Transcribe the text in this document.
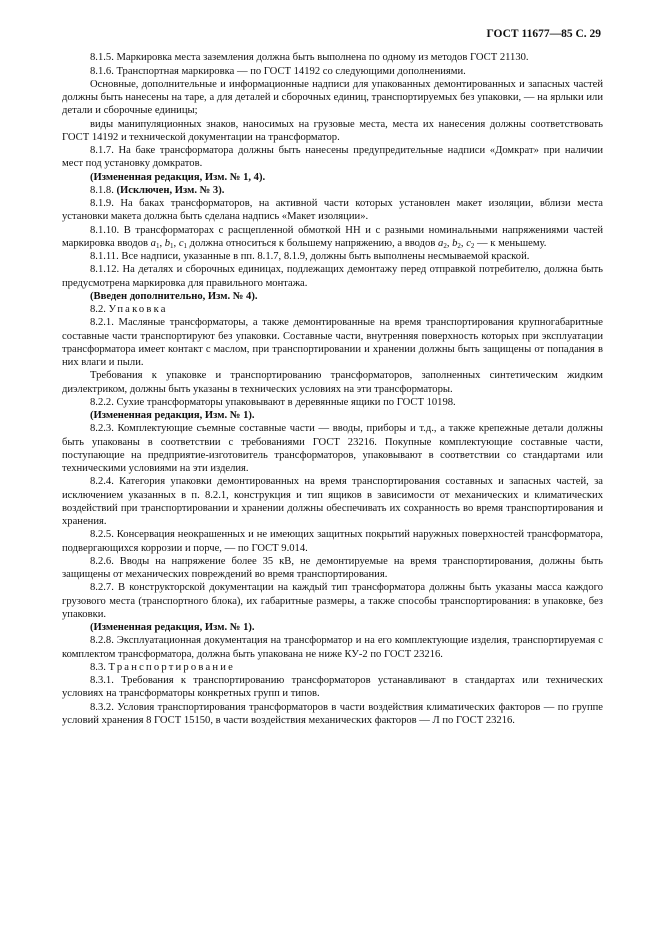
ГОСТ 11677—85 С. 29

8.1.5. Маркировка места заземления должна быть выполнена по одному из методов ГОСТ 21130.

8.1.6. Транспортная маркировка — по ГОСТ 14192 со следующими дополнениями.

Основные, дополнительные и информационные надписи для упакованных демонтированных и запасных частей должны быть нанесены на таре, а для деталей и сборочных единиц, транспортируемых без упаковки, — на ярлыки или детали и сборочные единицы;

виды манипуляционных знаков, наносимых на грузовые места, места их нанесения должны соответствовать ГОСТ 14192 и технической документации на трансформатор.

8.1.7. На баке трансформатора должны быть нанесены предупредительные надписи «Домкрат» при наличии мест под установку домкратов.

(Измененная редакция, Изм. № 1, 4).

8.1.8. (Исключен, Изм. № 3).

8.1.9. На баках трансформаторов, на активной части которых установлен макет изоляции, вблизи места установки макета должна быть сделана надпись «Макет изоляции».

8.1.10. В трансформаторах с расщепленной обмоткой НН и с разными номинальными напряжениями частей маркировка вводов $a_1$, $b_1$, $c_1$ должна относиться к большему напряжению, а вводов $a_2$, $b_2$, $c_2$ — к меньшему.

8.1.11. Все надписи, указанные в пп. 8.1.7, 8.1.9, должны быть выполнены несмываемой краской.

8.1.12. На деталях и сборочных единицах, подлежащих демонтажу перед отправкой потребителю, должна быть предусмотрена маркировка для правильного монтажа.

(Введен дополнительно, Изм. № 4).

8.2. Упаковка

8.2.1. Масляные трансформаторы, а также демонтированные на время транспортирования крупногабаритные составные части транспортируют без упаковки. Составные части, внутренняя поверхность которых при эксплуатации трансформатора имеет контакт с маслом, при транспортировании и хранении должны быть защищены от попадания в них влаги и пыли.

Требования к упаковке и транспортированию трансформаторов, заполненных синтетическим жидким диэлектриком, должны быть указаны в технических условиях на эти трансформаторы.

8.2.2. Сухие трансформаторы упаковывают в деревянные ящики по ГОСТ 10198.

(Измененная редакция, Изм. № 1).

8.2.3. Комплектующие съемные составные части — вводы, приборы и т.д., а также крепежные детали должны быть упакованы в соответствии с требованиями ГОСТ 23216. Покупные комплектующие составные части, поступающие на предприятие-изготовитель трансформаторов, упаковывают в соответствии со стандартами или техническими условиями на эти изделия.

8.2.4. Категория упаковки демонтированных на время транспортирования составных и запасных частей, за исключением указанных в п. 8.2.1, конструкция и тип ящиков в зависимости от механических и климатических воздействий при транспортировании и хранении должны обеспечивать их сохранность во время транспортирования и хранения.

8.2.5. Консервация неокрашенных и не имеющих защитных покрытий наружных поверхностей трансформатора, подвергающихся коррозии и порче, — по ГОСТ 9.014.

8.2.6. Вводы на напряжение более 35 кВ, не демонтируемые на время транспортирования, должны быть защищены от механических повреждений во время транспортирования.

8.2.7. В конструкторской документации на каждый тип трансформатора должны быть указаны масса каждого грузового места (транспортного блока), их габаритные размеры, а также способы транспортирования: в упаковке, без упаковки.

(Измененная редакция, Изм. № 1).

8.2.8. Эксплуатационная документация на трансформатор и на его комплектующие изделия, транспортируемая с комплектом трансформатора, должна быть упакована не ниже КУ-2 по ГОСТ 23216.

8.3. Транспортирование

8.3.1. Требования к транспортированию трансформаторов устанавливают в стандартах или технических условиях на трансформаторы конкретных групп и типов.

8.3.2. Условия транспортирования трансформаторов в части воздействия климатических факторов — по группе условий хранения 8 ГОСТ 15150, в части воздействия механических факторов — Л по ГОСТ 23216.
